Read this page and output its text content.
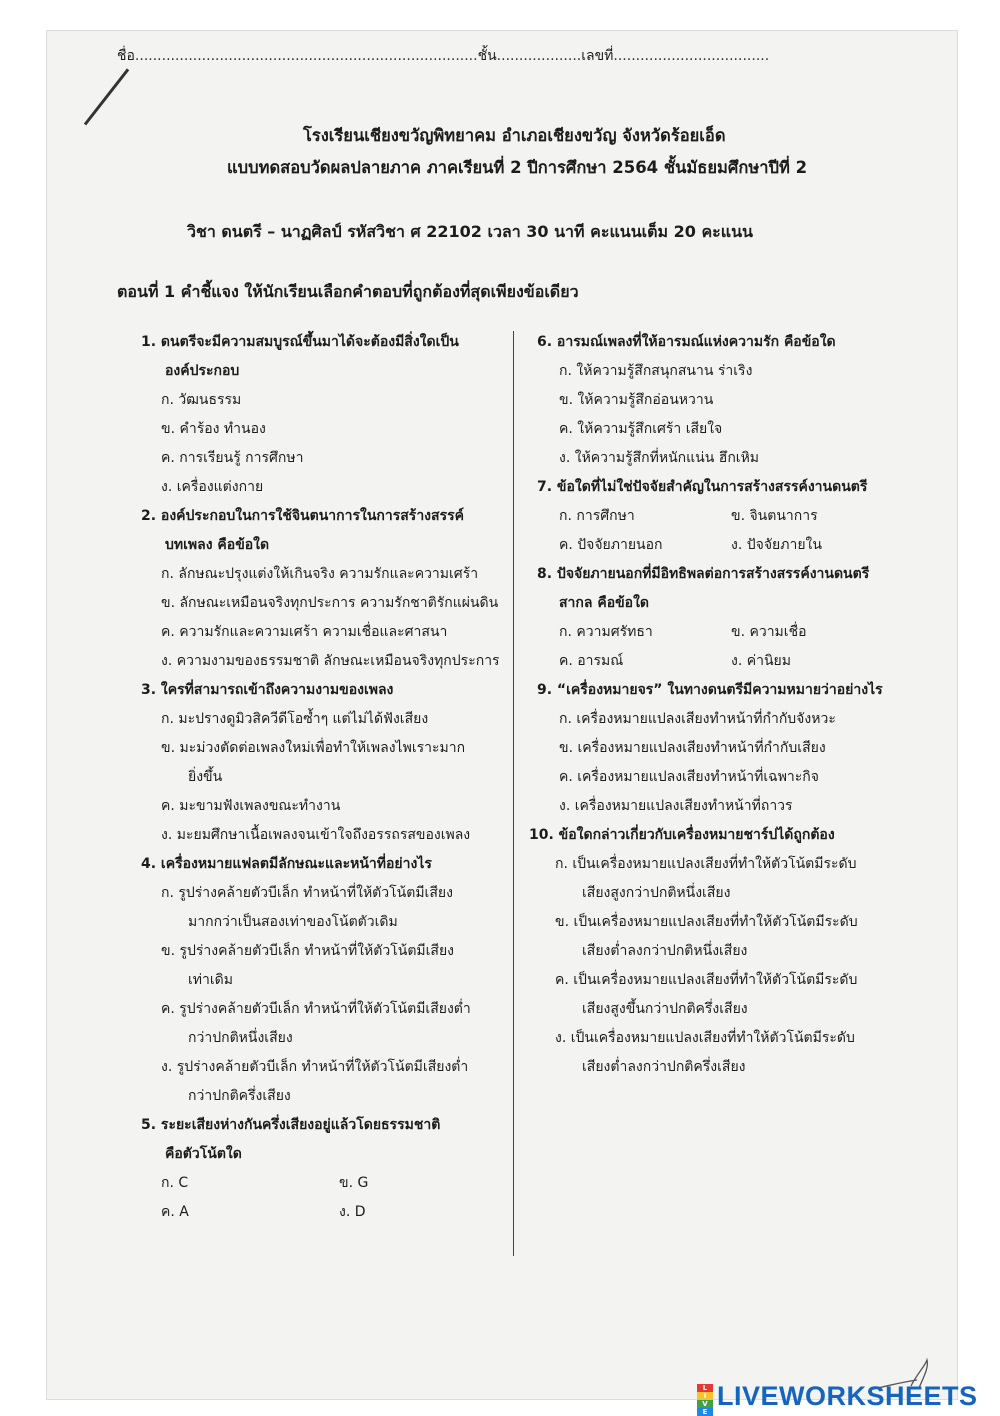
ชื่อ.............................................................................ชั้น...................เลขที่...................................
โรงเรียนเชียงขวัญพิทยาคม อำเภอเชียงขวัญ จังหวัดร้อยเอ็ด
แบบทดสอบวัดผลปลายภาค ภาคเรียนที่ 2 ปีการศึกษา 2564 ชั้นมัธยมศึกษาปีที่ 2
วิชา ดนตรี – นาฏศิลป์ รหัสวิชา ศ 22102 เวลา 30 นาที คะแนนเต็ม 20 คะแนน
ตอนที่ 1 คำชี้แจง ให้นักเรียนเลือกคำตอบที่ถูกต้องที่สุดเพียงข้อเดียว
1. ดนตรีจะมีความสมบูรณ์ขึ้นมาได้จะต้องมีสิ่งใดเป็น
องค์ประกอบ
ก. วัฒนธรรม
ข. คำร้อง ทำนอง
ค. การเรียนรู้ การศึกษา
ง. เครื่องแต่งกาย
2. องค์ประกอบในการใช้จินตนาการในการสร้างสรรค์
บทเพลง คือข้อใด
ก. ลักษณะปรุงแต่งให้เกินจริง ความรักและความเศร้า
ข. ลักษณะเหมือนจริงทุกประการ ความรักชาติรักแผ่นดิน
ค. ความรักและความเศร้า ความเชื่อและศาสนา
ง. ความงามของธรรมชาติ ลักษณะเหมือนจริงทุกประการ
3. ใครที่สามารถเข้าถึงความงามของเพลง
ก. มะปรางดูมิวสิควีดีโอซ้ำๆ แต่ไม่ได้ฟังเสียง
ข. มะม่วงตัดต่อเพลงใหม่เพื่อทำให้เพลงไพเราะมาก
ยิ่งขึ้น
ค. มะขามฟังเพลงขณะทำงาน
ง. มะยมศึกษาเนื้อเพลงจนเข้าใจถึงอรรถรสของเพลง
4. เครื่องหมายแฟลตมีลักษณะและหน้าที่อย่างไร
ก. รูปร่างคล้ายตัวบีเล็ก ทำหน้าที่ให้ตัวโน้ตมีเสียง
มากกว่าเป็นสองเท่าของโน้ตตัวเดิม
ข. รูปร่างคล้ายตัวบีเล็ก ทำหน้าที่ให้ตัวโน้ตมีเสียง
เท่าเดิม
ค. รูปร่างคล้ายตัวบีเล็ก ทำหน้าที่ให้ตัวโน้ตมีเสียงต่ำ
กว่าปกติหนึ่งเสียง
ง. รูปร่างคล้ายตัวบีเล็ก ทำหน้าที่ให้ตัวโน้ตมีเสียงต่ำ
กว่าปกติครึ่งเสียง
5. ระยะเสียงห่างกันครึ่งเสียงอยู่แล้วโดยธรรมชาติ
คือตัวโน้ตใด
ก. C	ข. G
ค. A	ง. D
6. อารมณ์เพลงที่ให้อารมณ์แห่งความรัก คือข้อใด
ก. ให้ความรู้สึกสนุกสนาน ร่าเริง
ข. ให้ความรู้สึกอ่อนหวาน
ค. ให้ความรู้สึกเศร้า เสียใจ
ง. ให้ความรู้สึกที่หนักแน่น ฮึกเหิม
7. ข้อใดที่ไม่ใช่ปัจจัยสำคัญในการสร้างสรรค์งานดนตรี
ก. การศึกษา	ข. จินตนาการ
ค. ปัจจัยภายนอก	ง. ปัจจัยภายใน
8. ปัจจัยภายนอกที่มีอิทธิพลต่อการสร้างสรรค์งานดนตรี
สากล คือข้อใด
ก. ความศรัทธา	ข. ความเชื่อ
ค. อารมณ์	ง. ค่านิยม
9. “เครื่องหมายจร” ในทางดนตรีมีความหมายว่าอย่างไร
ก. เครื่องหมายแปลงเสียงทำหน้าที่กำกับจังหวะ
ข. เครื่องหมายแปลงเสียงทำหน้าที่กำกับเสียง
ค. เครื่องหมายแปลงเสียงทำหน้าที่เฉพาะกิจ
ง. เครื่องหมายแปลงเสียงทำหน้าที่ถาวร
10. ข้อใดกล่าวเกี่ยวกับเครื่องหมายชาร์ปได้ถูกต้อง
ก. เป็นเครื่องหมายแปลงเสียงที่ทำให้ตัวโน้ตมีระดับ
เสียงสูงกว่าปกติหนึ่งเสียง
ข. เป็นเครื่องหมายแปลงเสียงที่ทำให้ตัวโน้ตมีระดับ
เสียงต่ำลงกว่าปกติหนึ่งเสียง
ค. เป็นเครื่องหมายแปลงเสียงที่ทำให้ตัวโน้ตมีระดับ
เสียงสูงขึ้นกว่าปกติครึ่งเสียง
ง. เป็นเครื่องหมายแปลงเสียงที่ทำให้ตัวโน้ตมีระดับ
เสียงต่ำลงกว่าปกติครึ่งเสียง
L
I
V
E
LIVEWORKSHEETS
